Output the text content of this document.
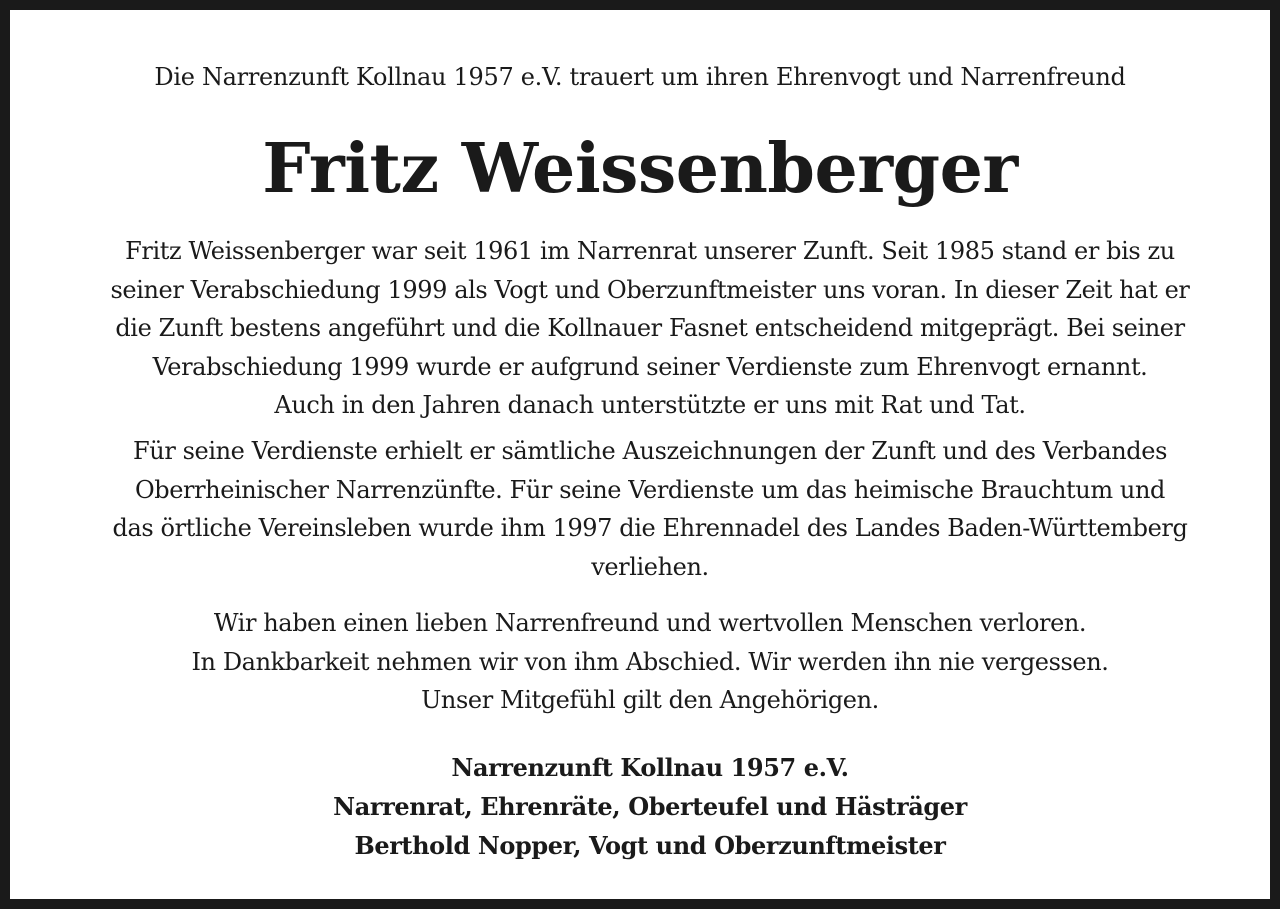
Die Narrenzunft Kollnau 1957 e.V. trauert um ihren Ehrenvogt und Narrenfreund
Fritz Weissenberger
Fritz Weissenberger war seit 1961 im Narrenrat unserer Zunft. Seit 1985 stand er bis zu
seiner Verabschiedung 1999 als Vogt und Oberzunftmeister uns voran. In dieser Zeit hat er
die Zunft bestens angeführt und die Kollnauer Fasnet entscheidend mitgeprägt. Bei seiner
Verabschiedung 1999 wurde er aufgrund seiner Verdienste zum Ehrenvogt ernannt.
Auch in den Jahren danach unterstützte er uns mit Rat und Tat.
Für seine Verdienste erhielt er sämtliche Auszeichnungen der Zunft und des Verbandes
Oberrheinischer Narrenzünfte. Für seine Verdienste um das heimische Brauchtum und
das örtliche Vereinsleben wurde ihm 1997 die Ehrennadel des Landes Baden-Württemberg
verliehen.
Wir haben einen lieben Narrenfreund und wertvollen Menschen verloren.
In Dankbarkeit nehmen wir von ihm Abschied. Wir werden ihn nie vergessen.
Unser Mitgefühl gilt den Angehörigen.
Narrenzunft Kollnau 1957 e.V.
Narrenrat, Ehrenräte, Oberteufel und Hästräger
Berthold Nopper, Vogt und Oberzunftmeister
